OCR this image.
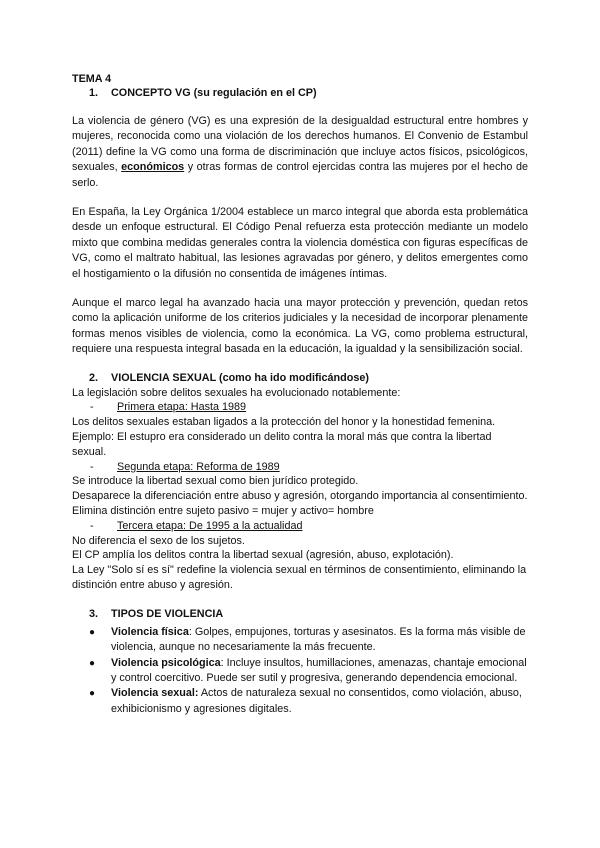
TEMA 4

1.	CONCEPTO VG (su regulación en el CP)

La violencia de género (VG) es una expresión de la desigualdad estructural entre hombres y mujeres, reconocida como una violación de los derechos humanos. El Convenio de Estambul (2011) define la VG como una forma de discriminación que incluye actos físicos, psicológicos, sexuales, económicos y otras formas de control ejercidas contra las mujeres por el hecho de serlo.

En España, la Ley Orgánica 1/2004 establece un marco integral que aborda esta problemática desde un enfoque estructural. El Código Penal refuerza esta protección mediante un modelo mixto que combina medidas generales contra la violencia doméstica con figuras específicas de VG, como el maltrato habitual, las lesiones agravadas por género, y delitos emergentes como el hostigamiento o la difusión no consentida de imágenes íntimas.

Aunque el marco legal ha avanzado hacia una mayor protección y prevención, quedan retos como la aplicación uniforme de los criterios judiciales y la necesidad de incorporar plenamente formas menos visibles de violencia, como la económica. La VG, como problema estructural, requiere una respuesta integral basada en la educación, la igualdad y la sensibilización social.

2.	VIOLENCIA SEXUAL (como ha ido modificándose)

La legislación sobre delitos sexuales ha evolucionado notablemente:

-	Primera etapa: Hasta 1989

Los delitos sexuales estaban ligados a la protección del honor y la honestidad femenina.

Ejemplo: El estupro era considerado un delito contra la moral más que contra la libertad sexual.

-	Segunda etapa: Reforma de 1989

Se introduce la libertad sexual como bien jurídico protegido.

Desaparece la diferenciación entre abuso y agresión, otorgando importancia al consentimiento.

Elimina distinción entre sujeto pasivo = mujer y activo= hombre

-	Tercera etapa: De 1995 a la actualidad

No diferencia el sexo de los sujetos.

El CP amplía los delitos contra la libertad sexual (agresión, abuso, explotación).

La Ley "Solo sí es sí" redefine la violencia sexual en términos de consentimiento, eliminando la distinción entre abuso y agresión.

3.	TIPOS DE VIOLENCIA
●	Violencia física: Golpes, empujones, torturas y asesinatos. Es la forma más visible de violencia, aunque no necesariamente la más frecuente.
●	Violencia psicológica: Incluye insultos, humillaciones, amenazas, chantaje emocional y control coercitivo. Puede ser sutil y progresiva, generando dependencia emocional.
●	Violencia sexual: Actos de naturaleza sexual no consentidos, como violación, abuso, exhibicionismo y agresiones digitales.
